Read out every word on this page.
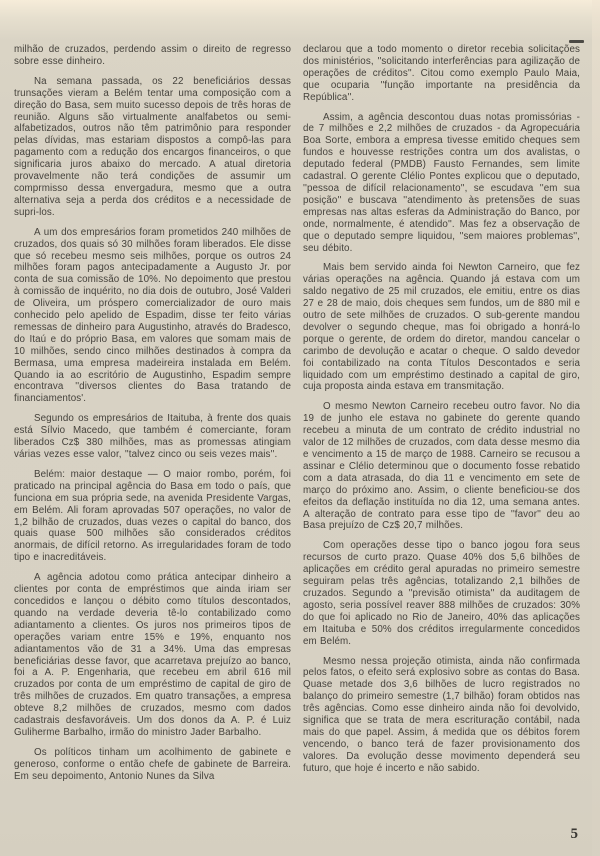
milhão de cruzados, perdendo assim o direito de regresso sobre esse dinheiro.

Na semana passada, os 22 beneficiários dessas trunsações vieram a Belém tentar uma composição com a direção do Basa, sem muito sucesso depois de três horas de reunião. Alguns são virtualmente analfabetos ou semi-alfabetizados, outros não têm patrimônio para responder pelas dívidas, mas estariam dispostos a compô-las para pagamento com a redução dos encargos financeiros, o que significaria juros abaixo do mercado. A atual diretoria provavelmente não terá condições de assumir um comprmisso dessa envergadura, mesmo que a outra alternativa seja a perda dos créditos e a necessidade de supri-los.

A um dos empresários foram prometidos 240 milhões de cruzados, dos quais só 30 milhões foram liberados. Ele disse que só recebeu mesmo seis milhões, porque os outros 24 milhões foram pagos antecipadamente a Augusto Jr. por conta de sua comissão de 10%. No depoimento que prestou à comissão de inquérito, no dia dois de outubro, José Valderi de Oliveira, um próspero comercializador de ouro mais conhecido pelo apelido de Espadim, disse ter feito várias remessas de dinheiro para Augustinho, através do Bradesco, do Itaú e do próprio Basa, em valores que somam mais de 10 milhões, sendo cinco milhões destinados à compra da Bermasa, uma empresa madeireira instalada em Belém. Quando ia ao escritório de Augustinho, Espadim sempre encontrava ''diversos clientes do Basa tratando de financiamentos'.

Segundo os empresários de Itaituba, à frente dos quais está Sílvio Macedo, que também é comerciante, foram liberados Cz$ 380 milhões, mas as promessas atingiam várias vezes esse valor, ''talvez cinco ou seis vezes mais''.

Belém: maior destaque — O maior rombo, porém, foi praticado na principal agência do Basa em todo o país, que funciona em sua própria sede, na avenida Presidente Vargas, em Belém. Ali foram aprovadas 507 operações, no valor de 1,2 bilhão de cruzados, duas vezes o capital do banco, dos quais quase 500 milhões são considerados créditos anormais, de difícil retorno. As irregularidades foram de todo tipo e inacreditáveis.

A agência adotou como prática antecipar dinheiro a clientes por conta de empréstimos que ainda iriam ser concedidos e lançou o débito como títulos descontados, quando na verdade deveria tê-lo contabilizado como adiantamento a clientes. Os juros nos primeiros tipos de operações variam entre 15% e 19%, enquanto nos adiantamentos vão de 31 a 34%. Uma das empresas beneficiárias desse favor, que acarretava prejuízo ao banco, foi a A. P. Engenharia, que recebeu em abril 616 mil cruzados por conta de um empréstimo de capital de giro de três milhões de cruzados. Em quatro transações, a empresa obteve 8,2 milhões de cruzados, mesmo com dados cadastrais desfavoráveis. Um dos donos da A. P. é Luiz Guliherme Barbalho, irmão do ministro Jader Barbalho.

Os políticos tinham um acolhimento de gabinete e generoso, conforme o então chefe de gabinete de Barreira. Em seu depoimento, Antonio Nunes da Silva

declarou que a todo momento o diretor recebia solicitações dos ministérios, ''solicitando interferências para agilização de operações de créditos''. Citou como exemplo Paulo Maia, que ocuparia ''função importante na presidência da República''.

Assim, a agência descontou duas notas promissórias - de 7 milhões e 2,2 milhões de cruzados - da Agropecuária Boa Sorte, embora a empresa tivesse emitido cheques sem fundos e houvesse restrições contra um dos avalistas, o deputado federal (PMDB) Fausto Fernandes, sem limite cadastral. O gerente Clélio Pontes explicou que o deputado, ''pessoa de difícil relacionamento'', se escudava ''em sua posição'' e buscava ''atendimento às pretensões de suas empresas nas altas esferas da Administração do Banco, por onde, normalmente, é atendido''. Mas fez a observação de que o deputado sempre liquidou, ''sem maiores problemas'', seu débito.

Mais bem servido ainda foi Newton Carneiro, que fez várias operações na agência. Quando já estava com um saldo negativo de 25 mil cruzados, ele emitiu, entre os dias 27 e 28 de maio, dois cheques sem fundos, um de 880 mil e outro de sete milhões de cruzados. O sub-gerente mandou devolver o segundo cheque, mas foi obrigado a honrá-lo porque o gerente, de ordem do diretor, mandou cancelar o carimbo de devolução e acatar o cheque. O saldo devedor foi contabilizado na conta Títulos Descontados e seria liquidado com um empréstimo destinado a capital de giro, cuja proposta ainda estava em transmitação.

O mesmo Newton Carneiro recebeu outro favor. No dia 19 de junho ele estava no gabinete do gerente quando recebeu a minuta de um contrato de crédito industrial no valor de 12 milhões de cruzados, com data desse mesmo dia e vencimento a 15 de março de 1988. Carneiro se recusou a assinar e Clélio determinou que o documento fosse rebatido com a data atrasada, do dia 11 e vencimento em sete de março do próximo ano. Assim, o cliente beneficiou-se dos efeitos da deflação instituída no dia 12, uma semana antes. A alteração de contrato para esse tipo de ''favor'' deu ao Basa prejuízo de Cz$ 20,7 milhões.

Com operações desse tipo o banco jogou fora seus recursos de curto prazo. Quase 40% dos 5,6 bilhões de aplicações em crédito geral apuradas no primeiro semestre seguiram pelas três agências, totalizando 2,1 bilhões de cruzados. Segundo a ''previsão otimista'' da auditagem de agosto, seria possível reaver 888 milhões de cruzados: 30% do que foi aplicado no Rio de Janeiro, 40% das aplicações em Itaituba e 50% dos créditos irregularmente concedidos em Belém.

Mesmo nessa projeção otimista, ainda não confirmada pelos fatos, o efeito será explosivo sobre as contas do Basa. Quase metade dos 3,6 bilhões de lucro registrados no balanço do primeiro semestre (1,7 bilhão) foram obtidos nas três agências. Como esse dinheiro ainda não foi devolvido, significa que se trata de mera escrituração contábil, nada mais do que papel. Assim, á medida que os débitos forem vencendo, o banco terá de fazer provisionamento dos valores. Da evolução desse movimento dependerá seu futuro, que hoje é incerto e não sabido.

5
